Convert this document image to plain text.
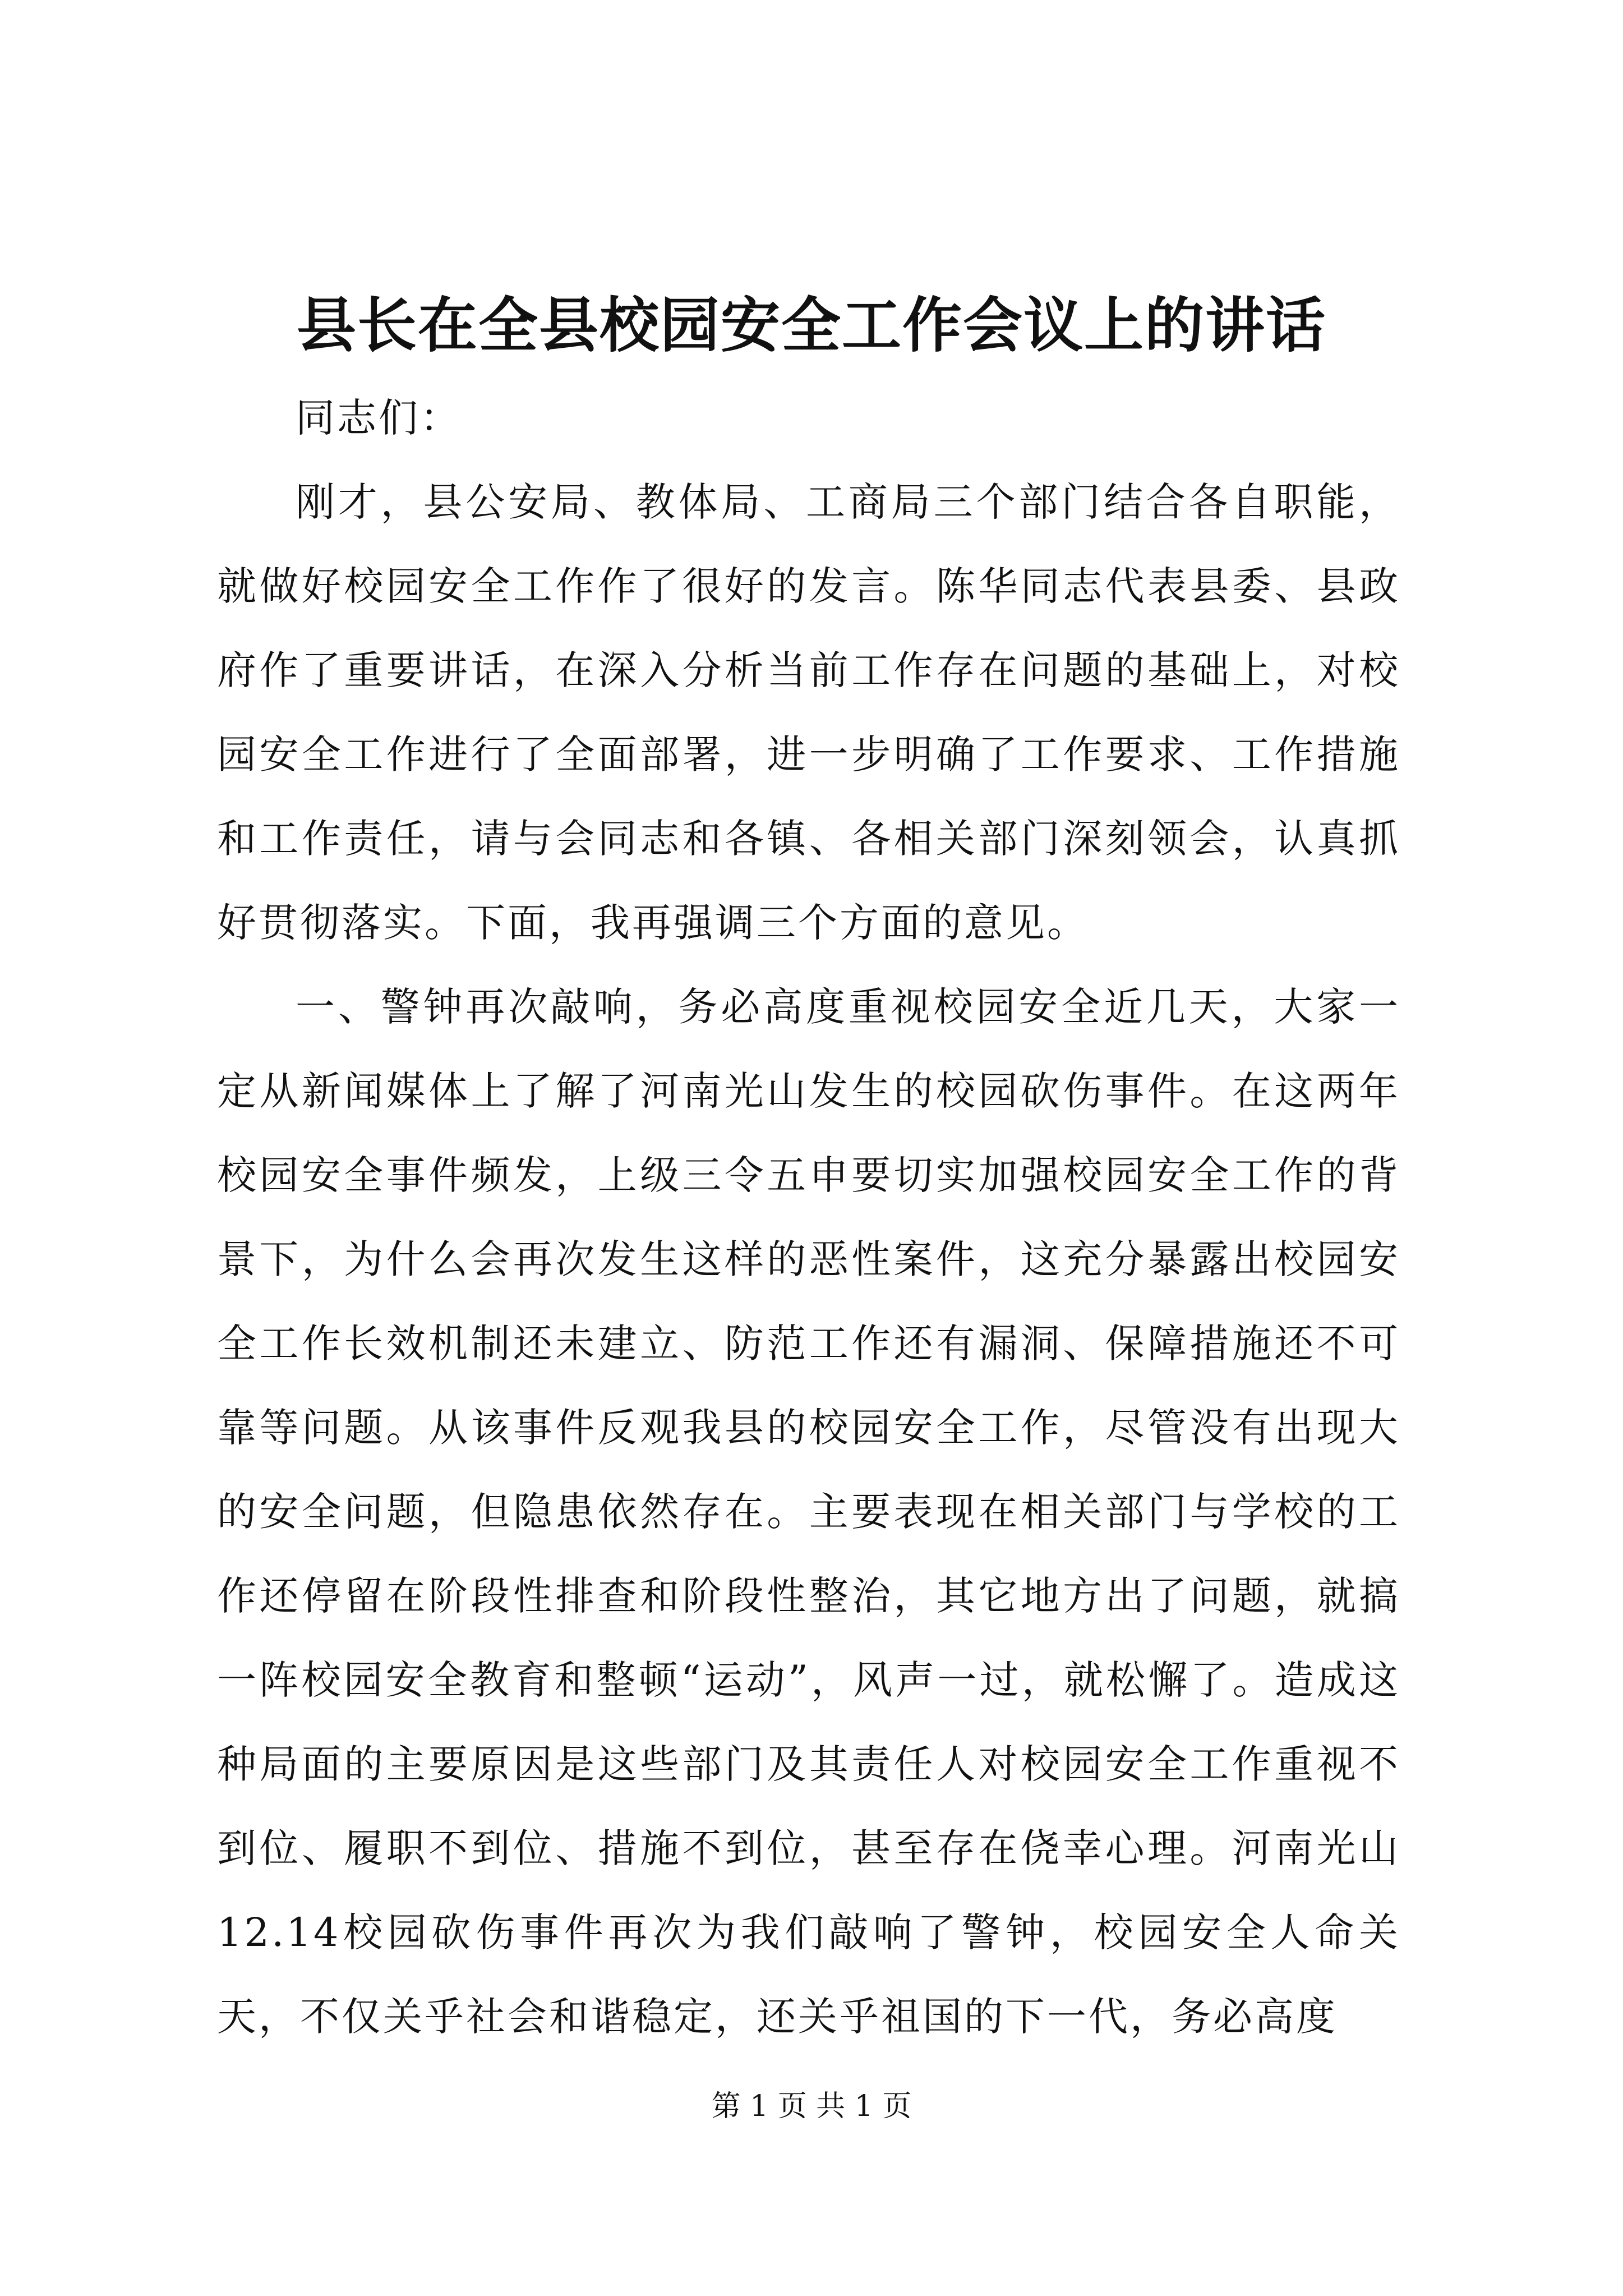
县长在全县校园安全工作会议上的讲话

同志们：

刚才，县公安局、教体局、工商局三个部门结合各自职能，就做好校园安全工作作了很好的发言。陈华同志代表县委、县政府作了重要讲话，在深入分析当前工作存在问题的基础上，对校园安全工作进行了全面部署，进一步明确了工作要求、工作措施和工作责任，请与会同志和各镇、各相关部门深刻领会，认真抓好贯彻落实。下面，我再强调三个方面的意见。

一、警钟再次敲响，务必高度重视校园安全近几天，大家一定从新闻媒体上了解了河南光山发生的校园砍伤事件。在这两年校园安全事件频发，上级三令五申要切实加强校园安全工作的背景下，为什么会再次发生这样的恶性案件，这充分暴露出校园安全工作长效机制还未建立、防范工作还有漏洞、保障措施还不可靠等问题。从该事件反观我县的校园安全工作，尽管没有出现大的安全问题，但隐患依然存在。主要表现在相关部门与学校的工作还停留在阶段性排查和阶段性整治，其它地方出了问题，就搞一阵校园安全教育和整顿“运动”，风声一过，就松懈了。造成这种局面的主要原因是这些部门及其责任人对校园安全工作重视不到位、履职不到位、措施不到位，甚至存在侥幸心理。河南光山12.14校园砍伤事件再次为我们敲响了警钟，校园安全人命关天，不仅关乎社会和谐稳定，还关乎祖国的下一代，务必高度

第 1 页 共 1 页
